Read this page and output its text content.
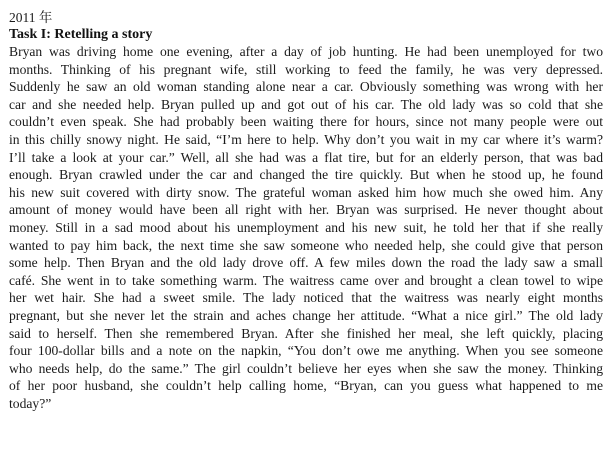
2011 年
Task I: Retelling a story
Bryan was driving home one evening, after a day of job hunting. He had been unemployed for two
months. Thinking of his pregnant wife, still working to feed the family, he was very depressed.
Suddenly he saw an old woman standing alone near a car. Obviously something was wrong with her
car and she needed help. Bryan pulled up and got out of his car. The old lady was so cold that she
couldn’t even speak. She had probably been waiting there for hours, since not many people were out
in this chilly snowy night. He said, “I’m here to help. Why don’t you wait in my car where it’s warm?
I’ll take a look at your car.” Well, all she had was a flat tire, but for an elderly person, that was bad
enough. Bryan crawled under the car and changed the tire quickly. But when he stood up, he found
his new suit covered with dirty snow. The grateful woman asked him how much she owed him. Any
amount of money would have been all right with her. Bryan was surprised. He never thought about
money. Still in a sad mood about his unemployment and his new suit, he told her that if she really
wanted to pay him back, the next time she saw someone who needed help, she could give that person
some help. Then Bryan and the old lady drove off. A few miles down the road the lady saw a small
café. She went in to take something warm. The waitress came over and brought a clean towel to wipe
her wet hair. She had a sweet smile. The lady noticed that the waitress was nearly eight months
pregnant, but she never let the strain and aches change her attitude. “What a nice girl.” The old lady
said to herself. Then she remembered Bryan. After she finished her meal, she left quickly, placing
four 100-dollar bills and a note on the napkin, “You don’t owe me anything. When you see someone
who needs help, do the same.” The girl couldn’t believe her eyes when she saw the money. Thinking
of her poor husband, she couldn’t help calling home, “Bryan, can you guess what happened to me
today?”
